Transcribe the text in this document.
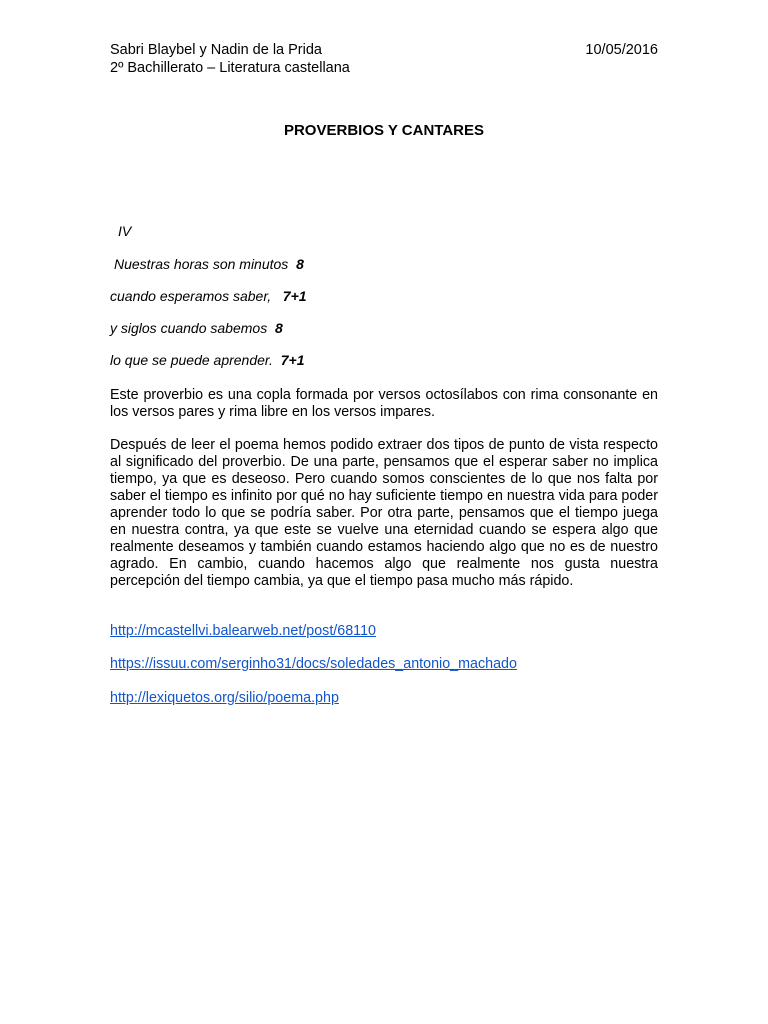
Sabri Blaybel y Nadin de la Prida	10/05/2016
2º Bachillerato – Literatura castellana
PROVERBIOS Y CANTARES
IV
Nuestras horas son minutos 8
cuando esperamos saber, 7+1
y siglos cuando sabemos 8
lo que se puede aprender. 7+1
Este proverbio es una copla formada por versos octosílabos con rima consonante en los versos pares y rima libre en los versos impares.
Después de leer el poema hemos podido extraer dos tipos de punto de vista respecto al significado del proverbio. De una parte, pensamos que el esperar saber no implica tiempo, ya que es deseoso. Pero cuando somos conscientes de lo que nos falta por saber el tiempo es infinito por qué no hay suficiente tiempo en nuestra vida para poder aprender todo lo que se podría saber. Por otra parte, pensamos que el tiempo juega en nuestra contra, ya que este se vuelve una eternidad cuando se espera algo que realmente deseamos y también cuando estamos haciendo algo que no es de nuestro agrado. En cambio, cuando hacemos algo que realmente nos gusta nuestra percepción del tiempo cambia, ya que el tiempo pasa mucho más rápido.
http://mcastellvi.balearweb.net/post/68110
https://issuu.com/serginho31/docs/soledades_antonio_machado
http://lexiquetos.org/silio/poema.php
